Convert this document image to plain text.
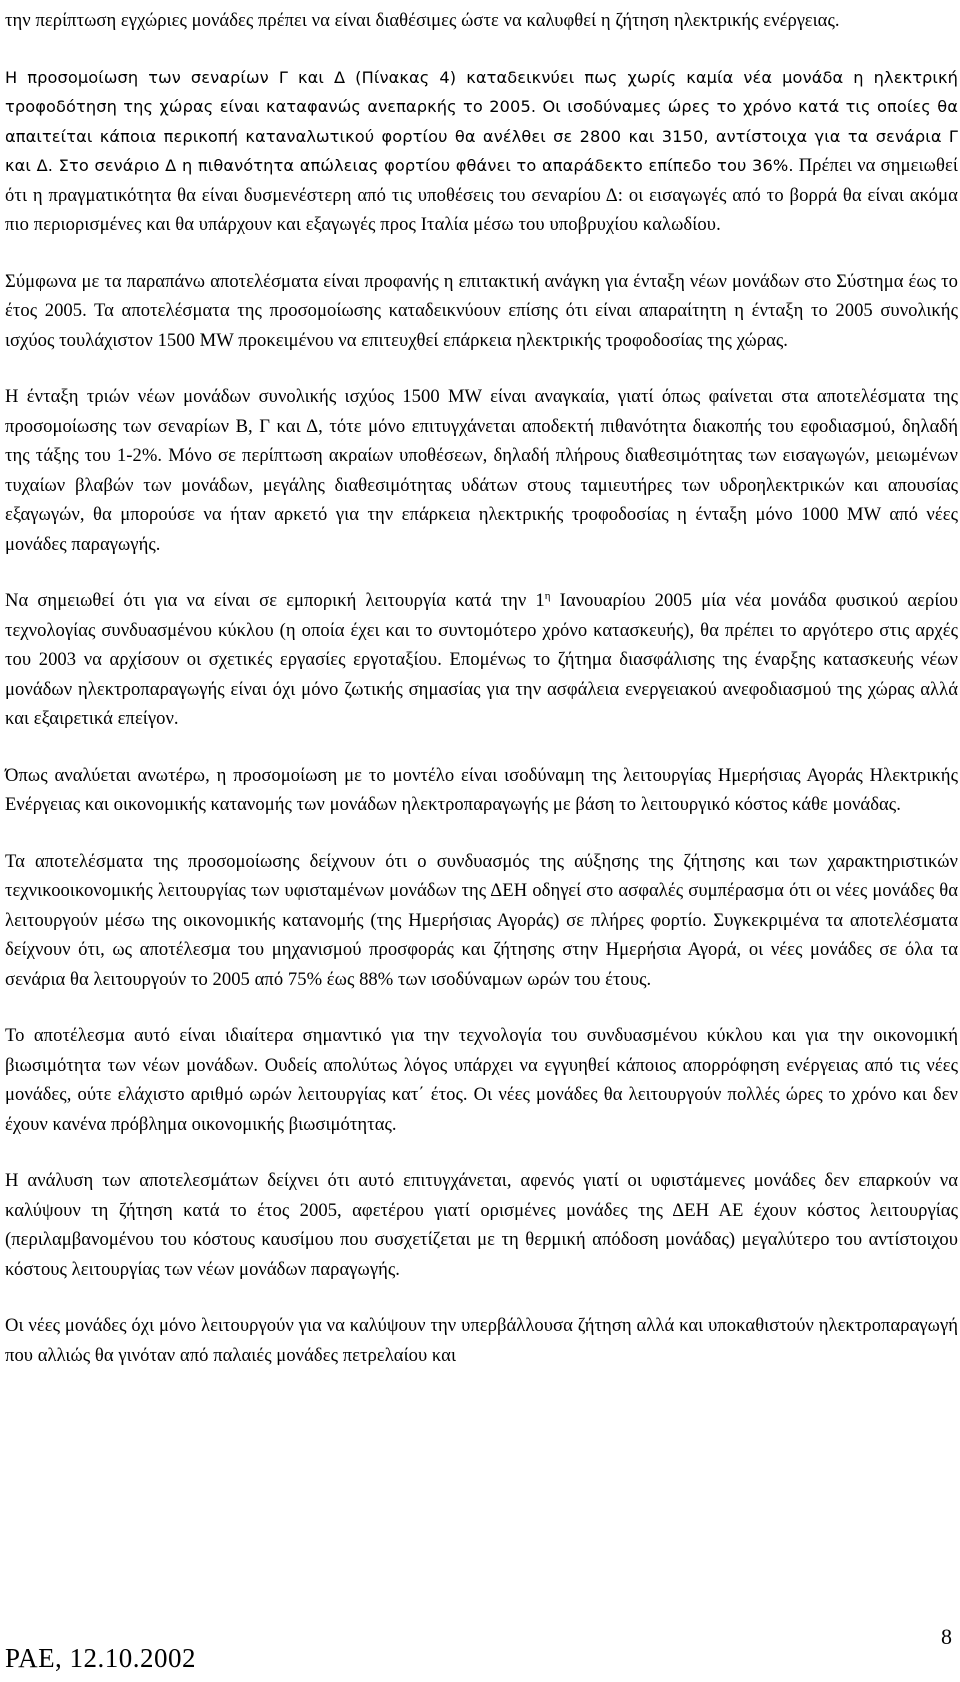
την περίπτωση εγχώριες μονάδες πρέπει να είναι διαθέσιμες ώστε να καλυφθεί η ζήτηση ηλεκτρικής ενέργειας.

Η προσομοίωση των σεναρίων Γ και Δ (Πίνακας 4) καταδεικνύει πως χωρίς καμία νέα μονάδα η ηλεκτρική τροφοδότηση της χώρας είναι καταφανώς ανεπαρκής το 2005. Οι ισοδύναμες ώρες το χρόνο κατά τις οποίες θα απαιτείται κάποια περικοπή καταναλωτικού φορτίου θα ανέλθει σε 2800 και 3150, αντίστοιχα για τα σενάρια Γ και Δ. Στο σενάριο Δ η πιθανότητα απώλειας φορτίου φθάνει το απαράδεκτο επίπεδο του 36%. Πρέπει να σημειωθεί ότι η πραγματικότητα θα είναι δυσμενέστερη από τις υποθέσεις του σεναρίου Δ: οι εισαγωγές από το βορρά θα είναι ακόμα πιο περιορισμένες και θα υπάρχουν και εξαγωγές προς Ιταλία μέσω του υποβρυχίου καλωδίου.

Σύμφωνα με τα παραπάνω αποτελέσματα είναι προφανής η επιτακτική ανάγκη για ένταξη νέων μονάδων στο Σύστημα έως το έτος 2005. Τα αποτελέσματα της προσομοίωσης καταδεικνύουν επίσης ότι είναι απαραίτητη η ένταξη το 2005 συνολικής ισχύος τουλάχιστον 1500 MW προκειμένου να επιτευχθεί επάρκεια ηλεκτρικής τροφοδοσίας της χώρας.

Η ένταξη τριών νέων μονάδων συνολικής ισχύος 1500 MW είναι αναγκαία, γιατί όπως φαίνεται στα αποτελέσματα της προσομοίωσης των σεναρίων Β, Γ και Δ, τότε μόνο επιτυγχάνεται αποδεκτή πιθανότητα διακοπής του εφοδιασμού, δηλαδή της τάξης του 1-2%. Μόνο σε περίπτωση ακραίων υποθέσεων, δηλαδή πλήρους διαθεσιμότητας των εισαγωγών, μειωμένων τυχαίων βλαβών των μονάδων, μεγάλης διαθεσιμότητας υδάτων στους ταμιευτήρες των υδροηλεκτρικών και απουσίας εξαγωγών, θα μπορούσε να ήταν αρκετό για την επάρκεια ηλεκτρικής τροφοδοσίας η ένταξη μόνο 1000 MW από νέες μονάδες παραγωγής.

Να σημειωθεί ότι για να είναι σε εμπορική λειτουργία κατά την $1^\eta$ Ιανουαρίου 2005 μία νέα μονάδα φυσικού αερίου τεχνολογίας συνδυασμένου κύκλου (η οποία έχει και το συντομότερο χρόνο κατασκευής), θα πρέπει το αργότερο στις αρχές του 2003 να αρχίσουν οι σχετικές εργασίες εργοταξίου. Επομένως το ζήτημα διασφάλισης της έναρξης κατασκευής νέων μονάδων ηλεκτροπαραγωγής είναι όχι μόνο ζωτικής σημασίας για την ασφάλεια ενεργειακού ανεφοδιασμού της χώρας αλλά και εξαιρετικά επείγον.

Όπως αναλύεται ανωτέρω, η προσομοίωση με το μοντέλο είναι ισοδύναμη της λειτουργίας Ημερήσιας Αγοράς Ηλεκτρικής Ενέργειας και οικονομικής κατανομής των μονάδων ηλεκτροπαραγωγής με βάση το λειτουργικό κόστος κάθε μονάδας.

Τα αποτελέσματα της προσομοίωσης δείχνουν ότι ο συνδυασμός της αύξησης της ζήτησης και των χαρακτηριστικών τεχνικοοικονομικής λειτουργίας των υφισταμένων μονάδων της ΔΕΗ οδηγεί στο ασφαλές συμπέρασμα ότι οι νέες μονάδες θα λειτουργούν μέσω της οικονομικής κατανομής (της Ημερήσιας Αγοράς) σε πλήρες φορτίο. Συγκεκριμένα τα αποτελέσματα δείχνουν ότι, ως αποτέλεσμα του μηχανισμού προσφοράς και ζήτησης στην Ημερήσια Αγορά, οι νέες μονάδες σε όλα τα σενάρια θα λειτουργούν το 2005 από 75% έως 88% των ισοδύναμων ωρών του έτους.

Το αποτέλεσμα αυτό είναι ιδιαίτερα σημαντικό για την τεχνολογία του συνδυασμένου κύκλου και για την οικονομική βιωσιμότητα των νέων μονάδων. Ουδείς απολύτως λόγος υπάρχει να εγγυηθεί κάποιος απορρόφηση ενέργειας από τις νέες μονάδες, ούτε ελάχιστο αριθμό ωρών λειτουργίας κατ΄ έτος. Οι νέες μονάδες θα λειτουργούν πολλές ώρες το χρόνο και δεν έχουν κανένα πρόβλημα οικονομικής βιωσιμότητας.

Η ανάλυση των αποτελεσμάτων δείχνει ότι αυτό επιτυγχάνεται, αφενός γιατί οι υφιστάμενες μονάδες δεν επαρκούν να καλύψουν τη ζήτηση κατά το έτος 2005, αφετέρου γιατί ορισμένες μονάδες της ΔΕΗ ΑΕ έχουν κόστος λειτουργίας (περιλαμβανομένου του κόστους καυσίμου που συσχετίζεται με τη θερμική απόδοση μονάδας) μεγαλύτερο του αντίστοιχου κόστους λειτουργίας των νέων μονάδων παραγωγής.

Οι νέες μονάδες όχι μόνο λειτουργούν για να καλύψουν την υπερβάλλουσα ζήτηση αλλά και υποκαθιστούν ηλεκτροπαραγωγή που αλλιώς θα γινόταν από παλαιές μονάδες πετρελαίου και

ΡΑΕ, 12.10.2002
8
